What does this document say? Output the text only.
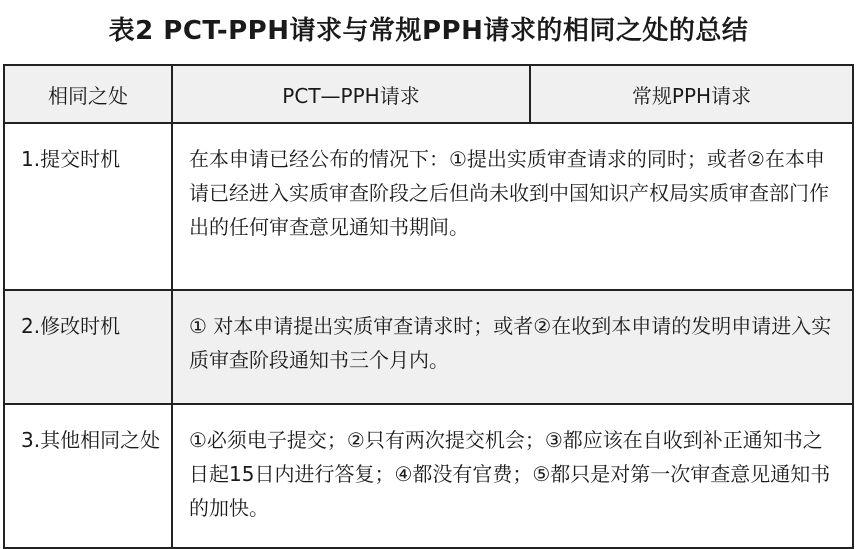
表2 PCT-PPH请求与常规PPH请求的相同之处的总结
相同之处	PCT—PPH请求	常规PPH请求
1.提交时机	在本申请已经公布的情况下：①提出实质审查请求的同时；或者②在本申请已经进入实质审查阶段之后但尚未收到中国知识产权局实质审查部门作出的任何审查意见通知书期间。	
2.修改时机	① 对本申请提出实质审查请求时；或者②在收到本申请的发明申请进入实质审查阶段通知书三个月内。	
3.其他相同之处	①必须电子提交；②只有两次提交机会；③都应该在自收到补正通知书之日起15日内进行答复；④都没有官费；⑤都只是对第一次审查意见通知书的加快。	
